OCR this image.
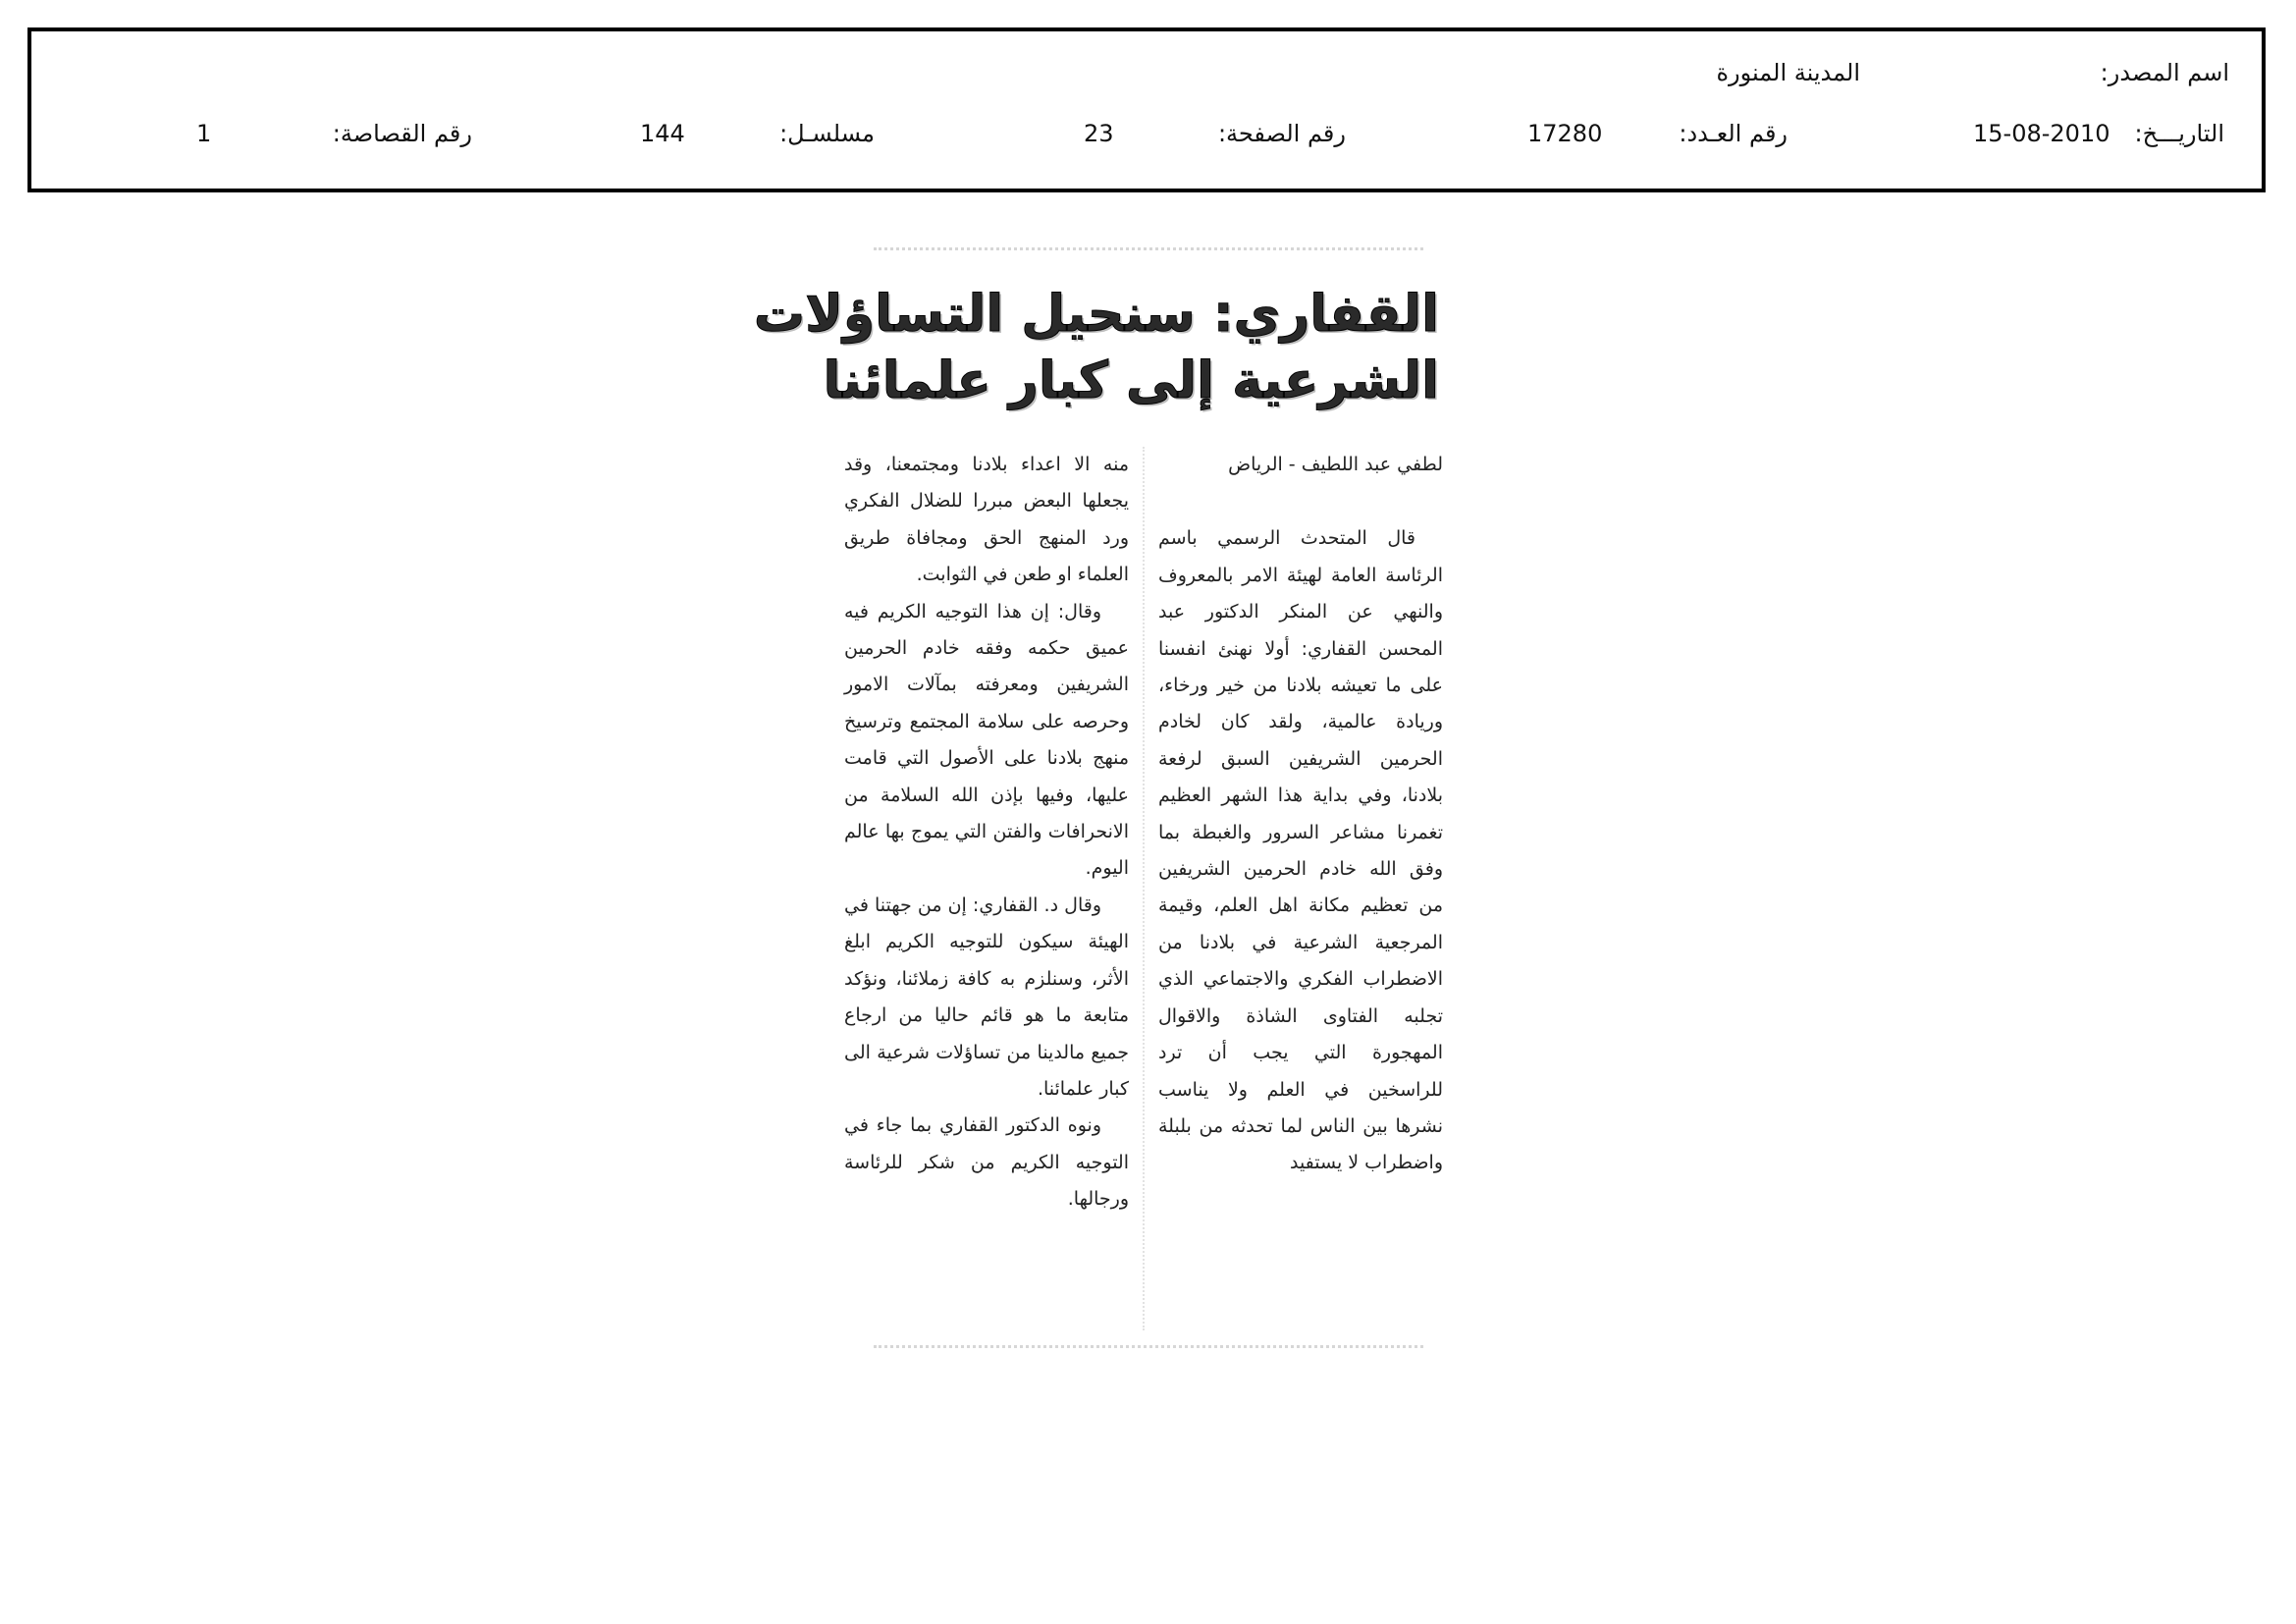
اسم المصدر:
المدينة المنورة
التاريـــخ:
15-08-2010
رقم العـدد:
17280
رقم الصفحة:
23
مسلسـل:
144
رقم القصاصة:
1
القفاري: سنحيل التساؤلات
الشرعية إلى كبار علمائنا

لطفي عبد اللطيف - الرياض

قال المتحدث الرسمي باسم الرئاسة العامة لهيئة الامر بالمعروف والنهي عن المنكر الدكتور عبد المحسن القفاري: أولا نهنئ انفسنا على ما تعيشه بلادنا من خير ورخاء، وريادة عالمية، ولقد كان لخادم الحرمين الشريفين السبق لرفعة بلادنا، وفي بداية هذا الشهر العظيم تغمرنا مشاعر السرور والغبطة بما وفق الله خادم الحرمين الشريفين من تعظيم مكانة اهل العلم، وقيمة المرجعية الشرعية في بلادنا من الاضطراب الفكري والاجتماعي الذي تجلبه الفتاوى الشاذة والاقوال المهجورة التي يجب أن ترد للراسخين في العلم ولا يناسب نشرها بين الناس لما تحدثه من بلبلة واضطراب لا يستفيد

منه الا اعداء بلادنا ومجتمعنا، وقد يجعلها البعض مبررا للضلال الفكري ورد المنهج الحق ومجافاة طريق العلماء او طعن في الثوابت.

وقال: إن هذا التوجيه الكريم فيه عميق حكمه وفقه خادم الحرمين الشريفين ومعرفته بمآلات الامور وحرصه على سلامة المجتمع وترسيخ منهج بلادنا على الأصول التي قامت عليها، وفيها بإذن الله السلامة من الانحرافات والفتن التي يموج بها عالم اليوم.

وقال د. القفاري: إن من جهتنا في الهيئة سيكون للتوجيه الكريم ابلغ الأثر، وسنلزم به كافة زملائنا، ونؤكد متابعة ما هو قائم حاليا من ارجاع جميع مالدينا من تساؤلات شرعية الى كبار علمائنا.

ونوه الدكتور القفاري بما جاء في التوجيه الكريم من شكر للرئاسة ورجالها.
